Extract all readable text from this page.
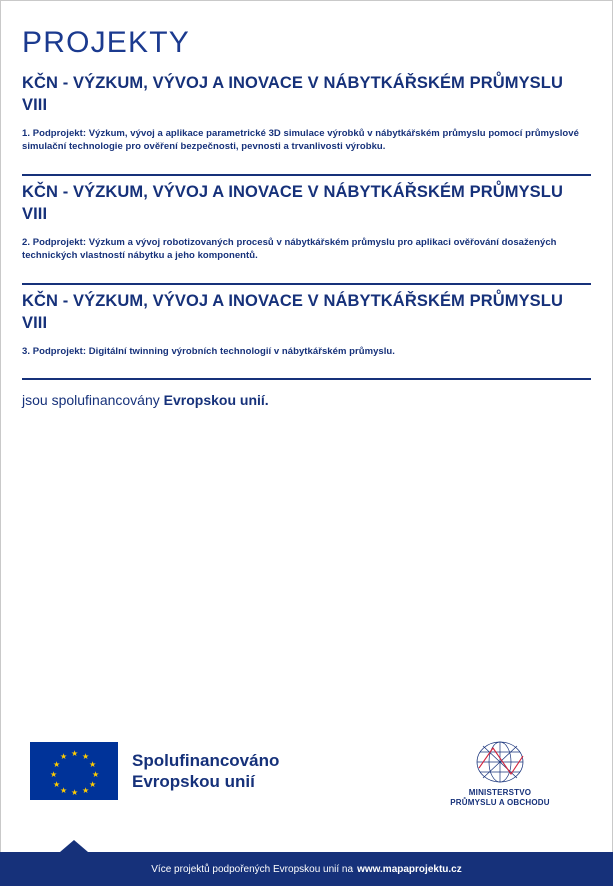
PROJEKTY
KČN - VÝZKUM, VÝVOJ A INOVACE V NÁBYTKÁŘSKÉM PRŮMYSLU VIII
1. Podprojekt: Výzkum, vývoj a aplikace parametrické 3D simulace výrobků v nábytkářském průmyslu pomocí průmyslové simulační technologie pro ověření bezpečnosti, pevnosti a trvanlivosti výrobku.
KČN - VÝZKUM, VÝVOJ A INOVACE V NÁBYTKÁŘSKÉM PRŮMYSLU VIII
2. Podprojekt: Výzkum a vývoj robotizovaných procesů v nábytkářském průmyslu pro aplikaci ověřování dosažených technických vlastností nábytku a jeho komponentů.
KČN - VÝZKUM, VÝVOJ A INOVACE V NÁBYTKÁŘSKÉM PRŮMYSLU VIII
3. Podprojekt: Digitální twinning výrobních technologií v nábytkářském průmyslu.
jsou spolufinancovány Evropskou unií.
★ ★
★
★
★
★
★
★
★
★
★
★	Spolufinancováno
Evropskou unií
MINISTERSTVO
PRŮMYSLU A OBCHODU
Více projektů podpořených Evropskou unií na www.mapaprojektu.cz
